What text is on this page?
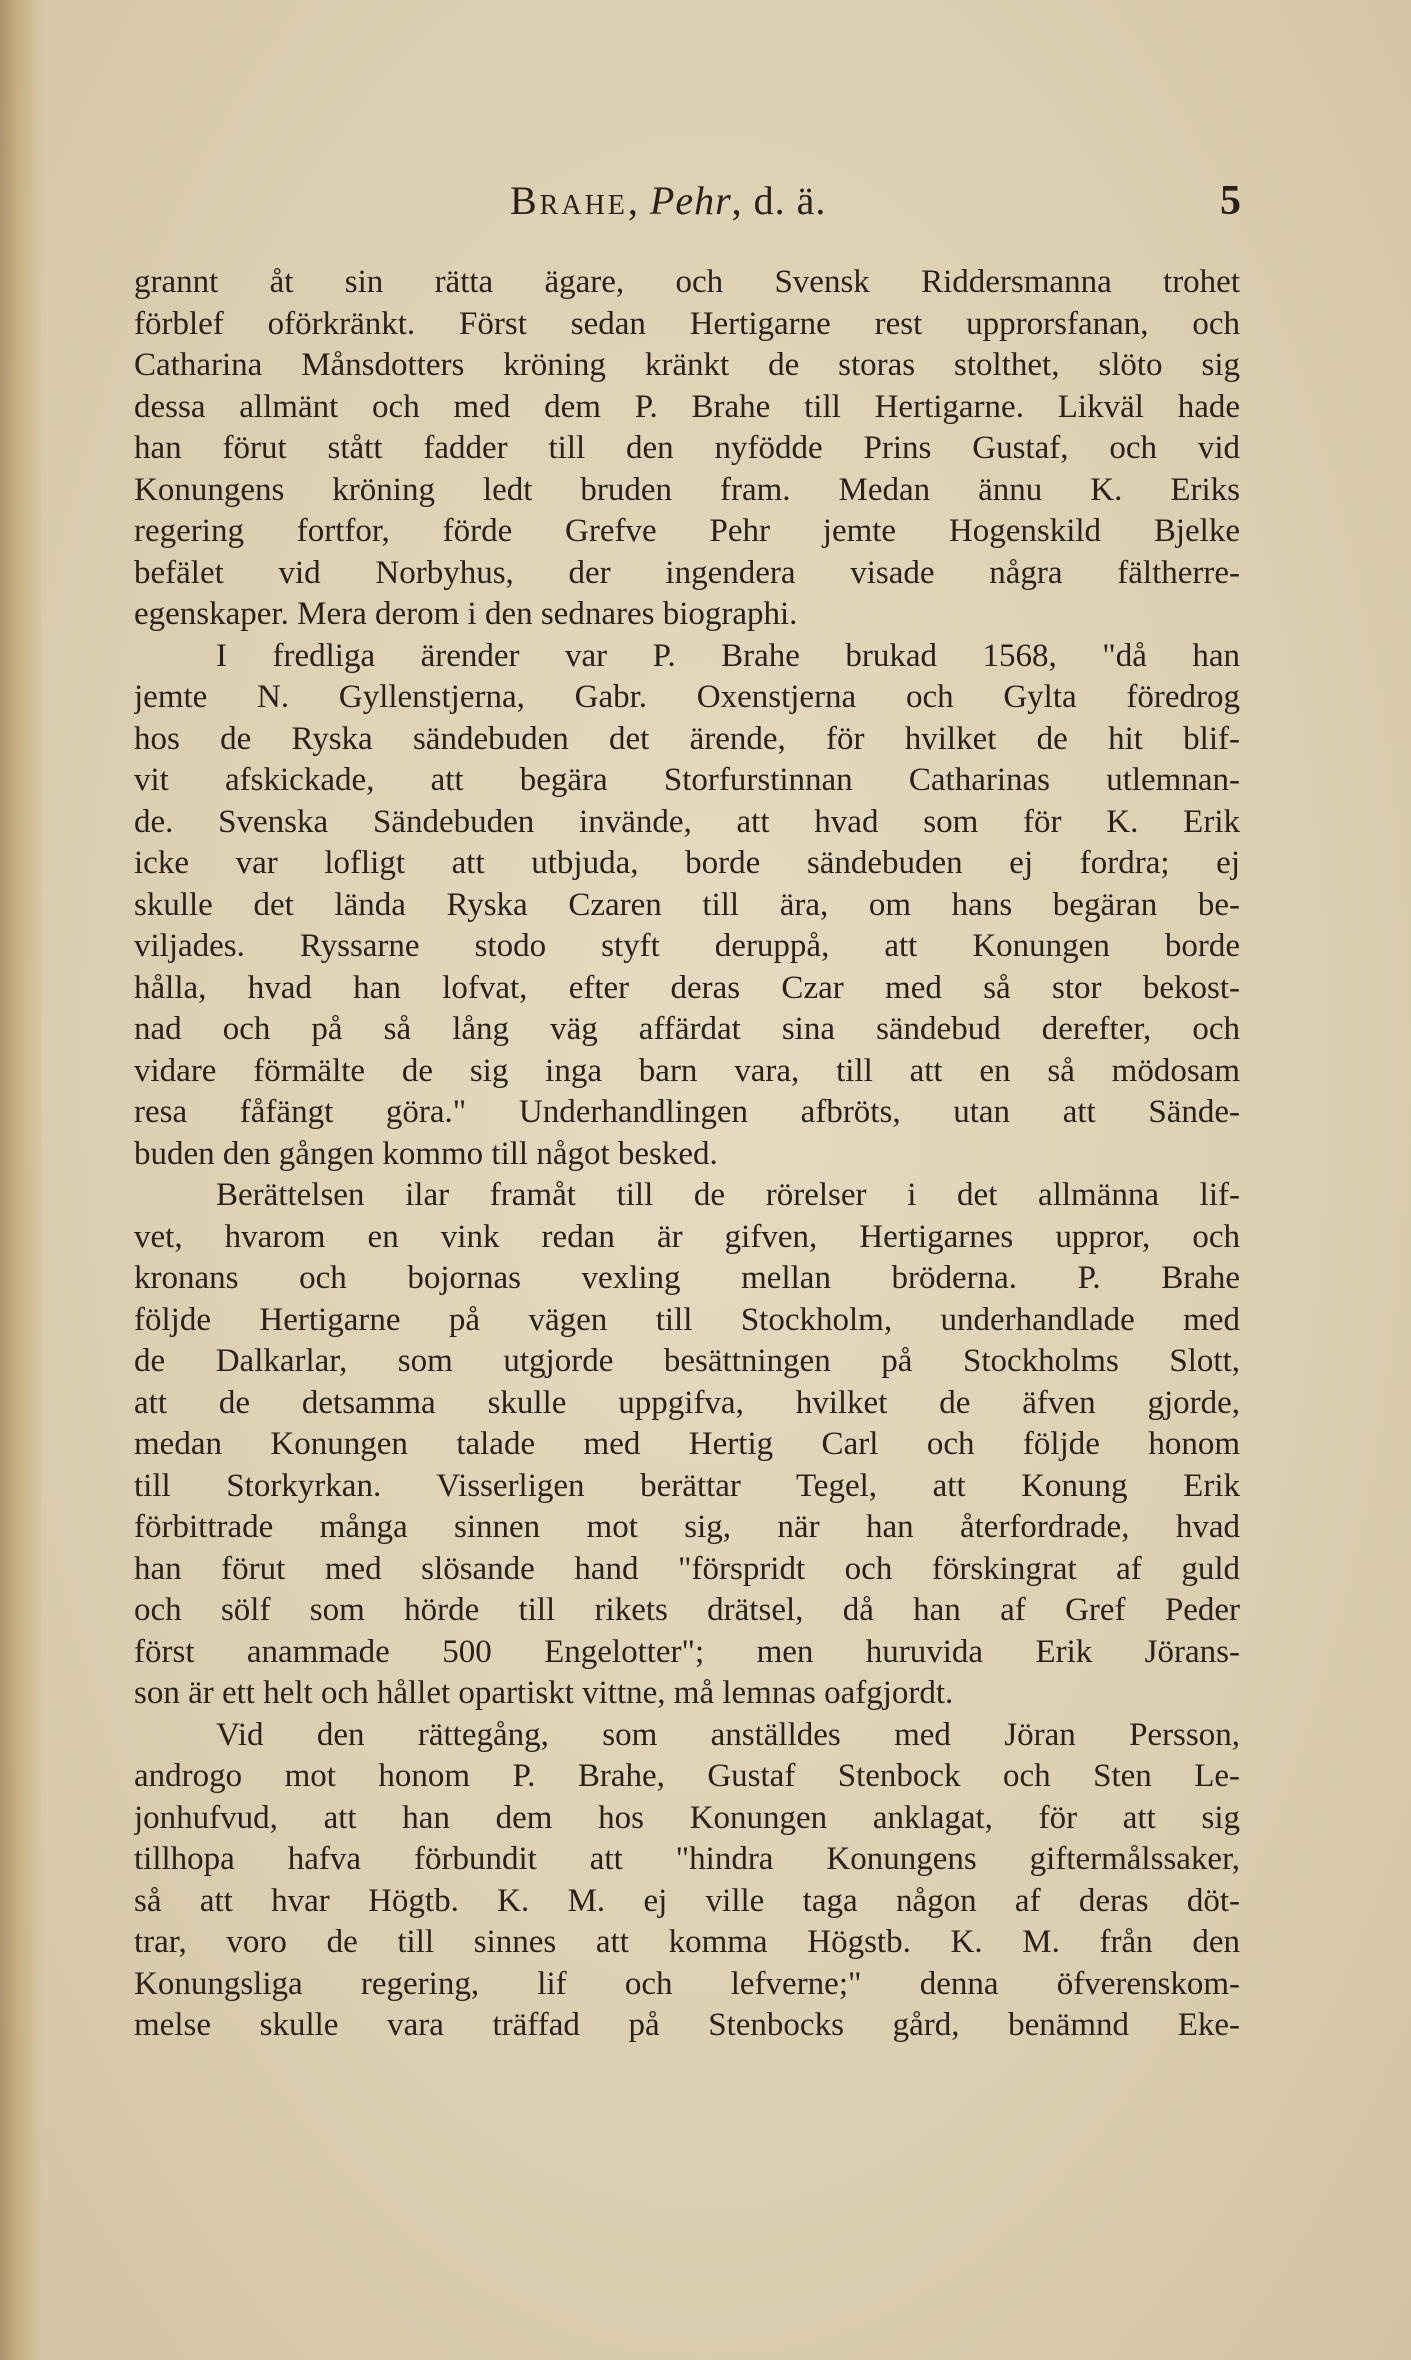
Brahe, Pehr, d. ä.	5
grannt åt sin rätta ägare, och Svensk Riddersmanna trohet
förblef oförkränkt. Först sedan Hertigarne rest upprorsfanan, och
Catharina Månsdotters kröning kränkt de storas stolthet, slöto sig
dessa allmänt och med dem P. Brahe till Hertigarne. Likväl hade
han förut stått fadder till den nyfödde Prins Gustaf, och vid
Konungens kröning ledt bruden fram. Medan ännu K. Eriks
regering fortfor, förde Grefve Pehr jemte Hogenskild Bjelke
befälet vid Norbyhus, der ingendera visade några fältherre-
egenskaper. Mera derom i den sednares biographi.
I fredliga ärender var P. Brahe brukad 1568, "då han
jemte N. Gyllenstjerna, Gabr. Oxenstjerna och Gylta föredrog
hos de Ryska sändebuden det ärende, för hvilket de hit blif-
vit afskickade, att begära Storfurstinnan Catharinas utlemnan-
de. Svenska Sändebuden invände, att hvad som för K. Erik
icke var lofligt att utbjuda, borde sändebuden ej fordra; ej
skulle det lända Ryska Czaren till ära, om hans begäran be-
viljades. Ryssarne stodo styft deruppå, att Konungen borde
hålla, hvad han lofvat, efter deras Czar med så stor bekost-
nad och på så lång väg affärdat sina sändebud derefter, och
vidare förmälte de sig inga barn vara, till att en så mödosam
resa fåfängt göra." Underhandlingen afbröts, utan att Sände-
buden den gången kommo till något besked.
Berättelsen ilar framåt till de rörelser i det allmänna lif-
vet, hvarom en vink redan är gifven, Hertigarnes uppror, och
kronans och bojornas vexling mellan bröderna. P. Brahe
följde Hertigarne på vägen till Stockholm, underhandlade med
de Dalkarlar, som utgjorde besättningen på Stockholms Slott,
att de detsamma skulle uppgifva, hvilket de äfven gjorde,
medan Konungen talade med Hertig Carl och följde honom
till Storkyrkan. Visserligen berättar Tegel, att Konung Erik
förbittrade många sinnen mot sig, när han återfordrade, hvad
han förut med slösande hand "förspridt och förskingrat af guld
och sölf som hörde till rikets drätsel, då han af Gref Peder
först anammade 500 Engelotter"; men huruvida Erik Jörans-
son är ett helt och hållet opartiskt vittne, må lemnas oafgjordt.
Vid den rättegång, som anställdes med Jöran Persson,
androgo mot honom P. Brahe, Gustaf Stenbock och Sten Le-
jonhufvud, att han dem hos Konungen anklagat, för att sig
tillhopa hafva förbundit att "hindra Konungens giftermålssaker,
så att hvar Högtb. K. M. ej ville taga någon af deras döt-
trar, voro de till sinnes att komma Högstb. K. M. från den
Konungsliga regering, lif och lefverne;" denna öfverenskom-
melse skulle vara träffad på Stenbocks gård, benämnd Eke-
